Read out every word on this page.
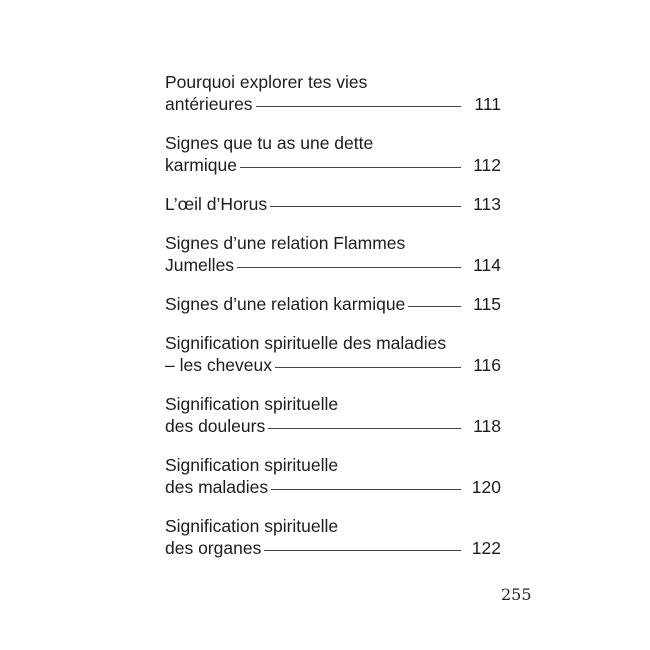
Pourquoi explorer tes vies
antérieures	111
Signes que tu as une dette
karmique	112
L’œil d’Horus	113
Signes d’une relation Flammes
Jumelles	114
Signes d’une relation karmique	115
Signification spirituelle des maladies
– les cheveux	116
Signification spirituelle
des douleurs	118
Signification spirituelle
des maladies	120
Signification spirituelle
des organes	122
255
